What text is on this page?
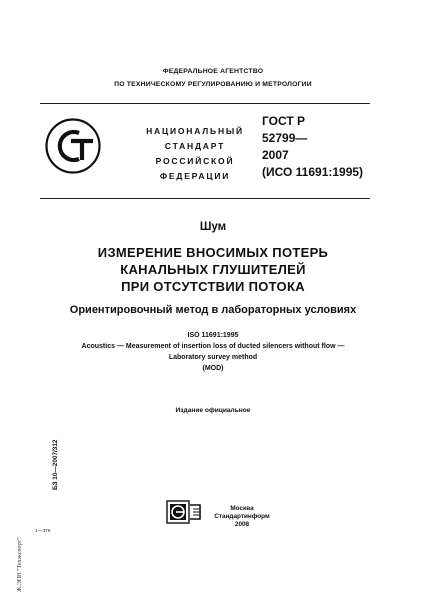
ФЕДЕРАЛЬНОЕ АГЕНТСТВО
ПО ТЕХНИЧЕСКОМУ РЕГУЛИРОВАНИЮ И МЕТРОЛОГИИ
НАЦИОНАЛЬНЫЙ
СТАНДАРТ
РОССИЙСКОЙ
ФЕДЕРАЦИИ
ГОСТ Р
52799—
2007
(ИСО 11691:1995)
Шум
ИЗМЕРЕНИЕ ВНОСИМЫХ ПОТЕРЬ
КАНАЛЬНЫХ ГЛУШИТЕЛЕЙ
ПРИ ОТСУТСТВИИ ПОТОКА
Ориентировочный метод в лабораторных условиях
ISO 11691:1995
Acoustics — Measurement of insertion loss of ducted silencers without flow —
Laboratory survey method
(MOD)
Издание официальное
БЗ 10—2007/312
Ж.ЭПН "Техэкспорт"
1—376
Москва
Стандартинформ
2008
